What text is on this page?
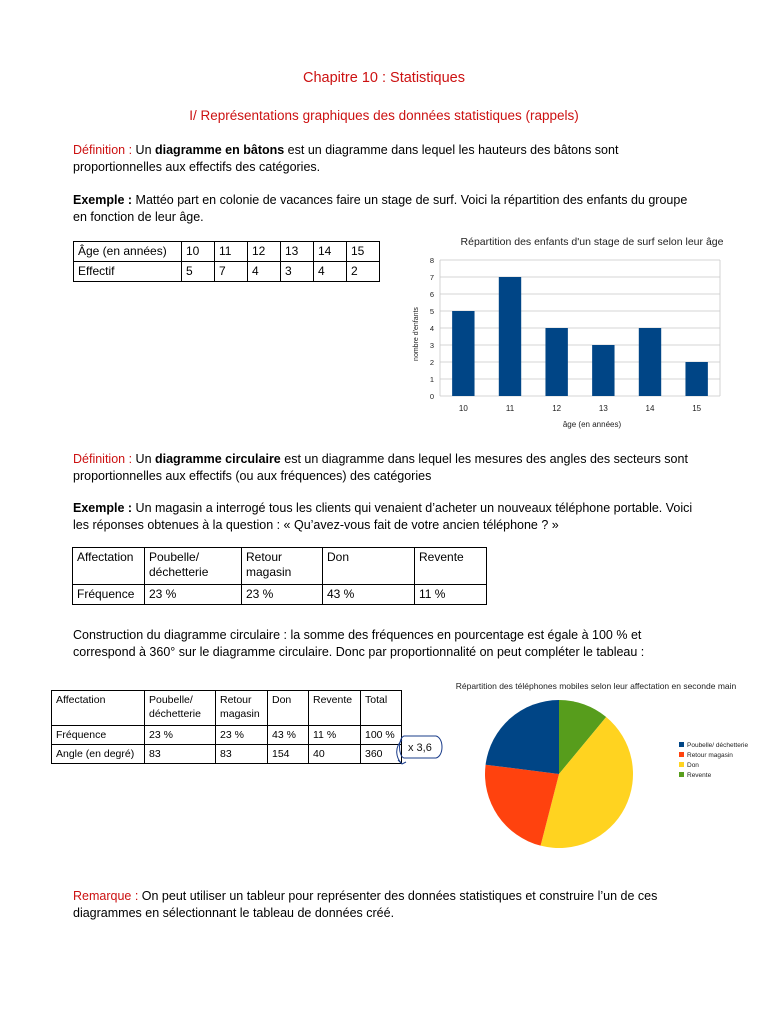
Chapitre 10 : Statistiques
I/ Représentations graphiques des données statistiques (rappels)
Définition : Un diagramme en bâtons est un diagramme dans lequel les hauteurs des bâtons sont proportionnelles aux effectifs des catégories.
Exemple : Mattéo part en colonie de vacances faire un stage de surf. Voici la répartition des enfants du groupe en fonction de leur âge.
Âge (en années)	10	11	12	13	14	15
Effectif	5	7	4	3	4	2
Répartition des enfants d'un stage de surf selon leur âge
0
1
2
3
4
5
6
7
8
10	11	12	13	14	15
âge (en années)
nombre d'enfants
Définition : Un diagramme circulaire est un diagramme dans lequel les mesures des angles des secteurs sont proportionnelles aux effectifs (ou aux fréquences) des catégories
Exemple : Un magasin a interrogé tous les clients qui venaient d’acheter un nouveaux téléphone portable. Voici les réponses obtenues à la question : « Qu’avez-vous fait de votre ancien téléphone ? »
Affectation	Poubelle/ déchetterie	Retour magasin	Don	Revente
Fréquence	23 %	23 %	43 %	11 %
Construction du diagramme circulaire : la somme des fréquences en pourcentage est égale à 100 % et correspond à 360° sur le diagramme circulaire. Donc par proportionnalité on peut compléter le tableau :
Affectation	Poubelle/ déchetterie	Retour magasin	Don	Revente	Total
Fréquence	23 %	23 %	43 %	11 %	100 %
Angle (en degré)	83	83	154	40	360 x 3,6
Répartition des téléphones mobiles selon leur affectation en seconde main
Poubelle/ déchetterie
Retour magasin
Don
Revente
Remarque : On peut utiliser un tableur pour représenter des données statistiques et construire l’un de ces diagrammes en sélectionnant le tableau de données créé.
